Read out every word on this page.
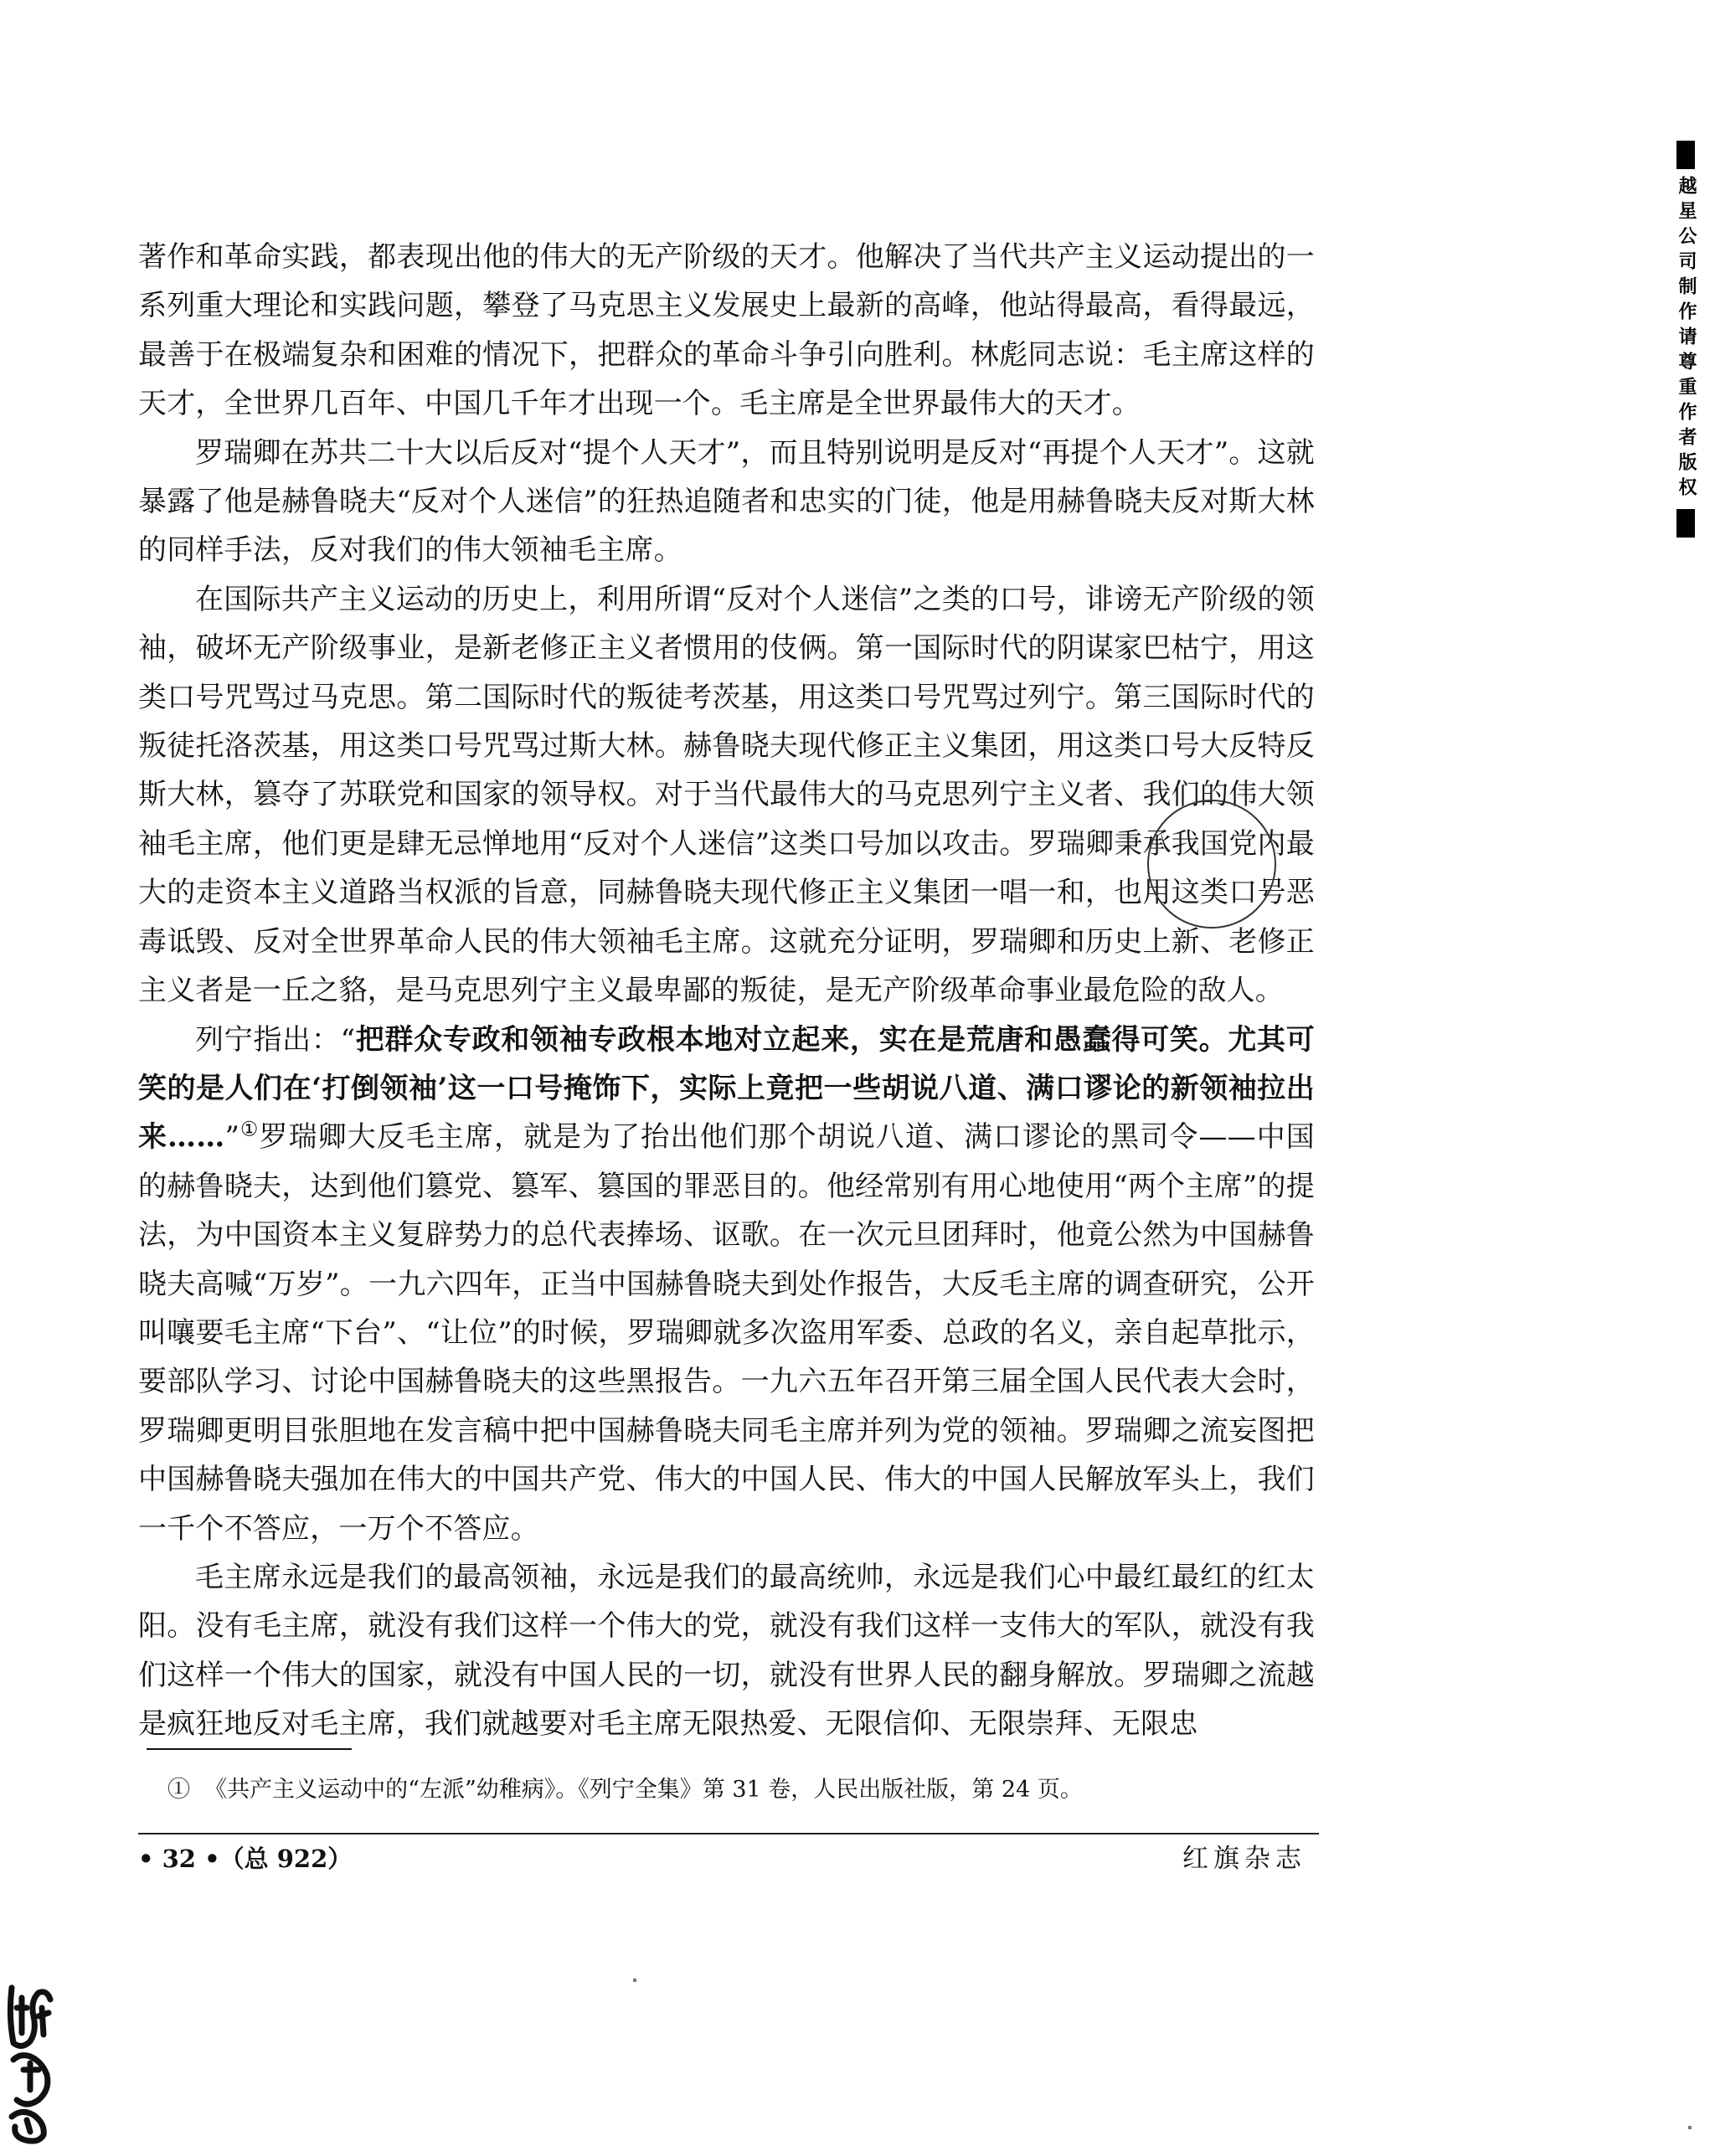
越星公司制作请尊重作者版权

著作和革命实践，都表现出他的伟大的无产阶级的天才。他解决了当代共产主义运动提出的一系列重大理论和实践问题，攀登了马克思主义发展史上最新的高峰，他站得最高，看得最远，最善于在极端复杂和困难的情况下，把群众的革命斗争引向胜利。林彪同志说：毛主席这样的天才，全世界几百年、中国几千年才出现一个。毛主席是全世界最伟大的天才。

罗瑞卿在苏共二十大以后反对“提个人天才”，而且特别说明是反对“再提个人天才”。这就暴露了他是赫鲁晓夫“反对个人迷信”的狂热追随者和忠实的门徒，他是用赫鲁晓夫反对斯大林的同样手法，反对我们的伟大领袖毛主席。

在国际共产主义运动的历史上，利用所谓“反对个人迷信”之类的口号，诽谤无产阶级的领袖，破坏无产阶级事业，是新老修正主义者惯用的伎俩。第一国际时代的阴谋家巴枯宁，用这类口号咒骂过马克思。第二国际时代的叛徒考茨基，用这类口号咒骂过列宁。第三国际时代的叛徒托洛茨基，用这类口号咒骂过斯大林。赫鲁晓夫现代修正主义集团，用这类口号大反特反斯大林，篡夺了苏联党和国家的领导权。对于当代最伟大的马克思列宁主义者、我们的伟大领袖毛主席，他们更是肆无忌惮地用“反对个人迷信”这类口号加以攻击。罗瑞卿秉承我国党内最大的走资本主义道路当权派的旨意，同赫鲁晓夫现代修正主义集团一唱一和，也用这类口号恶毒诋毁、反对全世界革命人民的伟大领袖毛主席。这就充分证明，罗瑞卿和历史上新、老修正主义者是一丘之貉，是马克思列宁主义最卑鄙的叛徒，是无产阶级革命事业最危险的敌人。

列宁指出：“把群众专政和领袖专政根本地对立起来，实在是荒唐和愚蠢得可笑。尤其可笑的是人们在‘打倒领袖’这一口号掩饰下，实际上竟把一些胡说八道、满口谬论的新领袖拉出来……”①罗瑞卿大反毛主席，就是为了抬出他们那个胡说八道、满口谬论的黑司令——中国的赫鲁晓夫，达到他们篡党、篡军、篡国的罪恶目的。他经常别有用心地使用“两个主席”的提法，为中国资本主义复辟势力的总代表捧场、讴歌。在一次元旦团拜时，他竟公然为中国赫鲁晓夫高喊“万岁”。一九六四年，正当中国赫鲁晓夫到处作报告，大反毛主席的调查研究，公开叫嚷要毛主席“下台”、“让位”的时候，罗瑞卿就多次盗用军委、总政的名义，亲自起草批示，要部队学习、讨论中国赫鲁晓夫的这些黑报告。一九六五年召开第三届全国人民代表大会时，罗瑞卿更明目张胆地在发言稿中把中国赫鲁晓夫同毛主席并列为党的领袖。罗瑞卿之流妄图把中国赫鲁晓夫强加在伟大的中国共产党、伟大的中国人民、伟大的中国人民解放军头上，我们一千个不答应，一万个不答应。

毛主席永远是我们的最高领袖，永远是我们的最高统帅，永远是我们心中最红最红的红太阳。没有毛主席，就没有我们这样一个伟大的党，就没有我们这样一支伟大的军队，就没有我们这样一个伟大的国家，就没有中国人民的一切，就没有世界人民的翻身解放。罗瑞卿之流越是疯狂地反对毛主席，我们就越要对毛主席无限热爱、无限信仰、无限崇拜、无限忠

① 《共产主义运动中的“左派”幼稚病》。《列宁全集》第 31 卷，人民出版社版，第 24 页。
• 32 •（总 922）	红旗杂志
